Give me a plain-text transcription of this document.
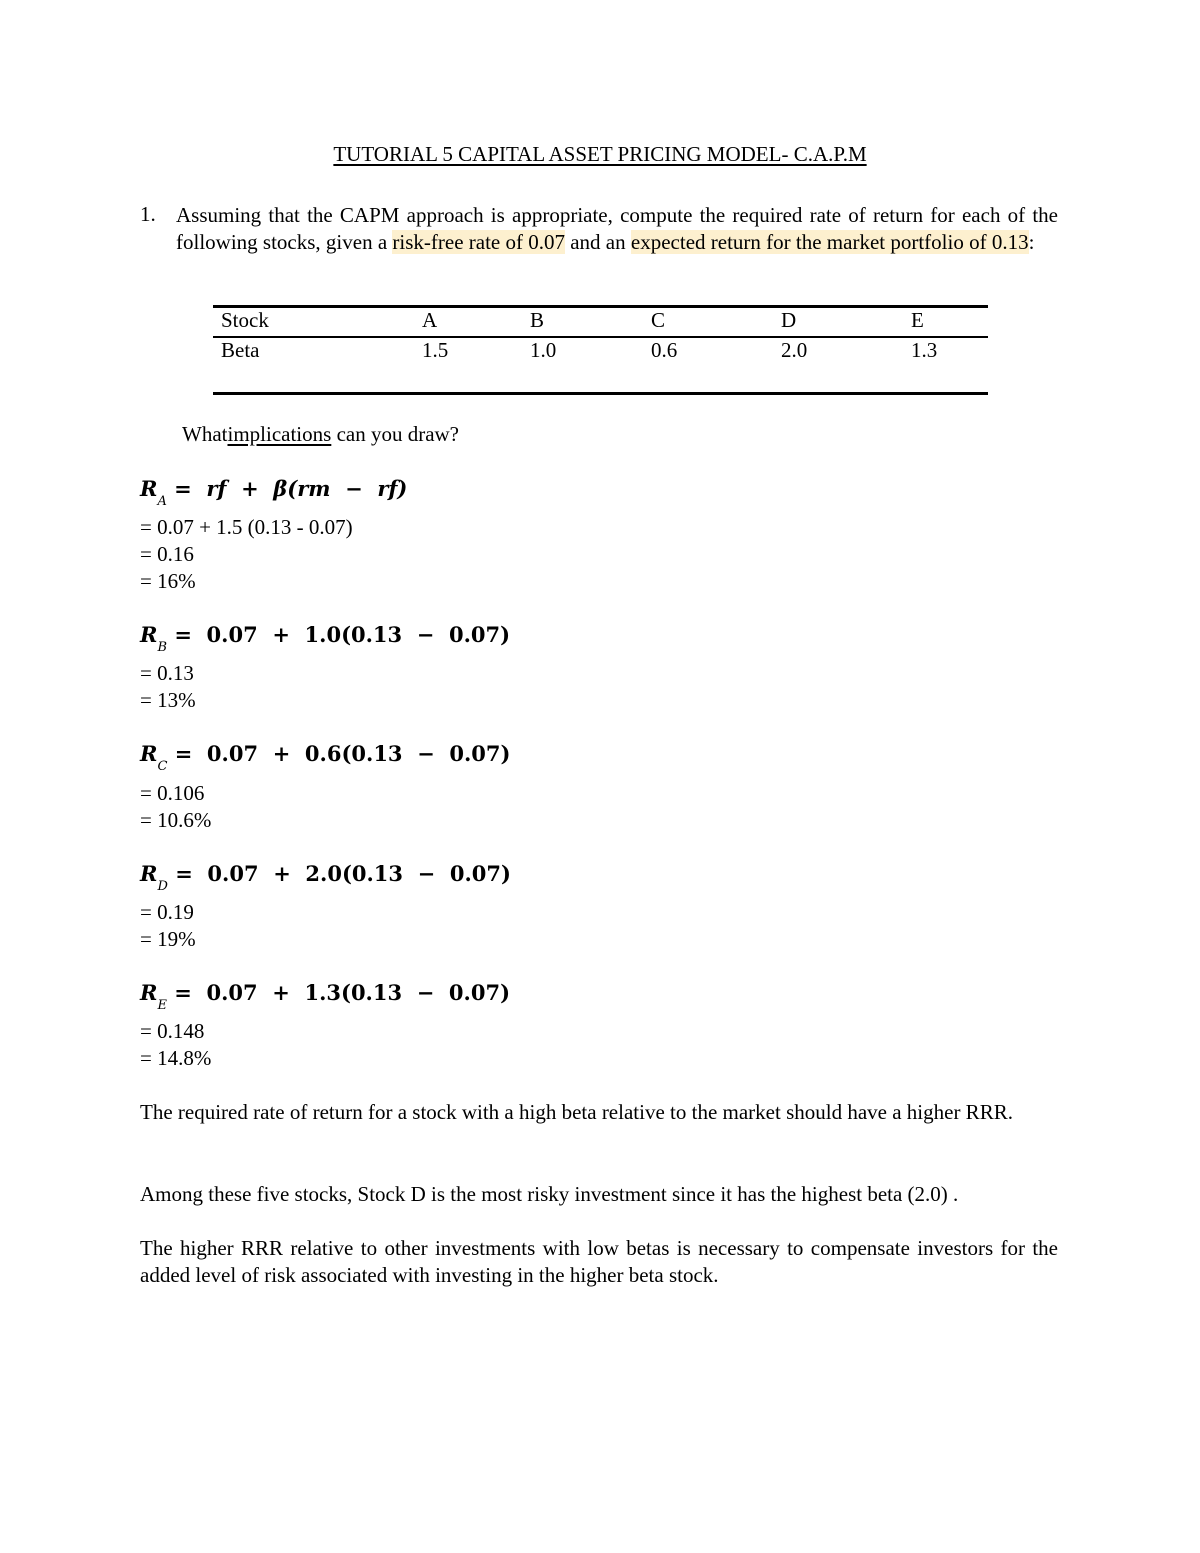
TUTORIAL 5 CAPITAL ASSET PRICING MODEL- C.A.P.M
1. Assuming that the CAPM approach is appropriate, compute the required rate of return for each of the following stocks, given a risk-free rate of 0.07 and an expected return for the market portfolio of 0.13:
Stock	A	B	C	D	E
Beta	1.5	1.0	0.6	2.0	1.3

Whatimplications can you draw?
$R_A$ =  rf  +  β(rm  −  rf)
= 0.07 + 1.5 (0.13 - 0.07)
= 0.16
= 16%
$R_B = 0.07 + 1.0(0.13 - 0.07)$
= 0.13
= 13%
$R_C = 0.07 + 0.6(0.13 - 0.07)$
= 0.106
= 10.6%
$R_D = 0.07 + 2.0(0.13 - 0.07)$
= 0.19
= 19%
$R_E = 0.07 + 1.3(0.13 - 0.07)$
= 0.148
= 14.8%
The required rate of return for a stock with a high beta relative to the market should have a higher RRR.
Among these five stocks, Stock D is the most risky investment since it has the highest beta (2.0) .
The higher RRR relative to other investments with low betas is necessary to compensate investors for the added level of risk associated with investing in the higher beta stock.
